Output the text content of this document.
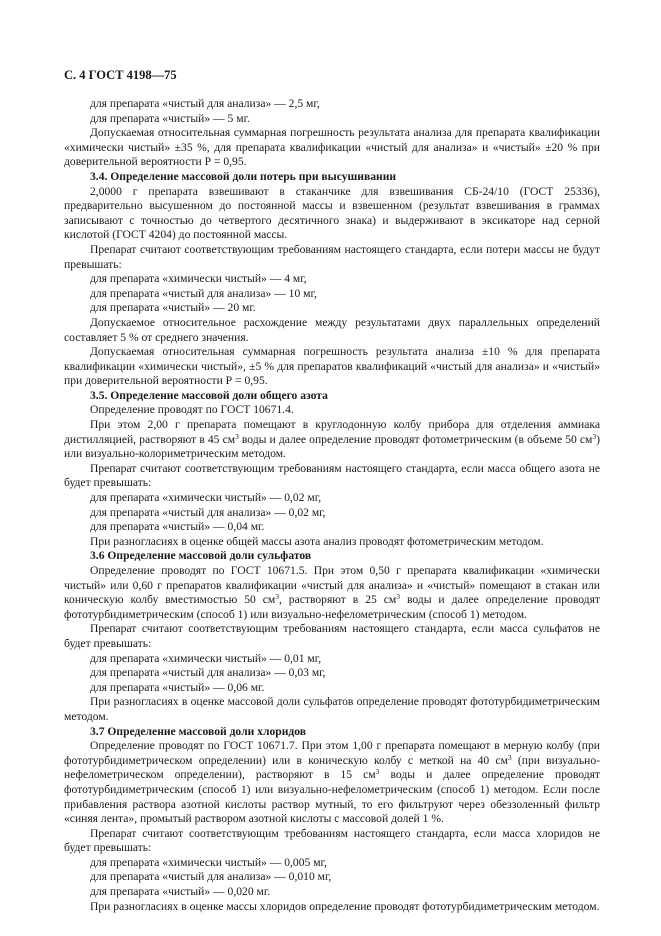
С. 4 ГОСТ 4198—75

для препарата «чистый для анализа» — 2,5 мг,

для препарата «чистый» — 5 мг.

Допускаемая относительная суммарная погрешность результата анализа для препарата квалификации «химически чистый» ±35 %, для препарата квалификации «чистый для анализа» и «чистый» ±20 % при доверительной вероятности Р = 0,95.

3.4. Определение массовой доли потерь при высушивании

2,0000 г препарата взвешивают в стаканчике для взвешивания СБ-24/10 (ГОСТ 25336), предварительно высушенном до постоянной массы и взвешенном (результат взвешивания в граммах записывают с точностью до четвертого десятичного знака) и выдерживают в эксикаторе над серной кислотой (ГОСТ 4204) до постоянной массы.

Препарат считают соответствующим требованиям настоящего стандарта, если потери массы не будут превышать:

для препарата «химически чистый» — 4 мг,

для препарата «чистый для анализа» — 10 мг,

для препарата «чистый» — 20 мг.

Допускаемое относительное расхождение между результатами двух параллельных определений составляет 5 % от среднего значения.

Допускаемая относительная суммарная погрешность результата анализа ±10 % для препарата квалификации «химически чистый», ±5 % для препаратов квалификаций «чистый для анализа» и «чистый» при доверительной вероятности Р = 0,95.

3.5. Определение массовой доли общего азота

Определение проводят по ГОСТ 10671.4.

При этом 2,00 г препарата помещают в круглодонную колбу прибора для отделения аммиака дистилляцией, растворяют в 45 $см^3$ воды и далее определение проводят фотометрическим (в объеме 50 $см^3$) или визуально-колориметрическим методом.

Препарат считают соответствующим требованиям настоящего стандарта, если масса общего азота не будет превышать:

для препарата «химически чистый» — 0,02 мг,

для препарата «чистый для анализа» — 0,02 мг,

для препарата «чистый» — 0,04 мг.

При разногласиях в оценке общей массы азота анализ проводят фотометрическим методом.

3.6 Определение массовой доли сульфатов

Определение проводят по ГОСТ 10671.5. При этом 0,50 г препарата квалификации «химически чистый» или 0,60 г препаратов квалификации «чистый для анализа» и «чистый» помещают в стакан или коническую колбу вместимостью 50 $см^3$, растворяют в 25 $см^3$ воды и далее определение проводят фототурбидиметрическим (способ 1) или визуально-нефелометрическим (способ 1) методом.

Препарат считают соответствующим требованиям настоящего стандарта, если масса сульфатов не будет превышать:

для препарата «химически чистый» — 0,01 мг,

для препарата «чистый для анализа» — 0,03 мг,

для препарата «чистый» — 0,06 мг.

При разногласиях в оценке массовой доли сульфатов определение проводят фототурбидиметрическим методом.

3.7 Определение массовой доли хлоридов

Определение проводят по ГОСТ 10671.7. При этом 1,00 г препарата помещают в мерную колбу (при фототурбидиметрическом определении) или в коническую колбу с меткой на 40 $см^3$ (при визуально-нефелометрическом определении), растворяют в 15 $см^3$ воды и далее определение проводят фототурбидиметрическим (способ 1) или визуально-нефелометрическим (способ 1) методом. Если после прибавления раствора азотной кислоты раствор мутный, то его фильтруют через обеззоленный фильтр «синяя лента», промытый раствором азотной кислоты с массовой долей 1 %.

Препарат считают соответствующим требованиям настоящего стандарта, если масса хлоридов не будет превышать:

для препарата «химически чистый» — 0,005 мг,

для препарата «чистый для анализа» — 0,010 мг,

для препарата «чистый» — 0,020 мг.

При разногласиях в оценке массы хлоридов определение проводят фототурбидиметрическим методом.
